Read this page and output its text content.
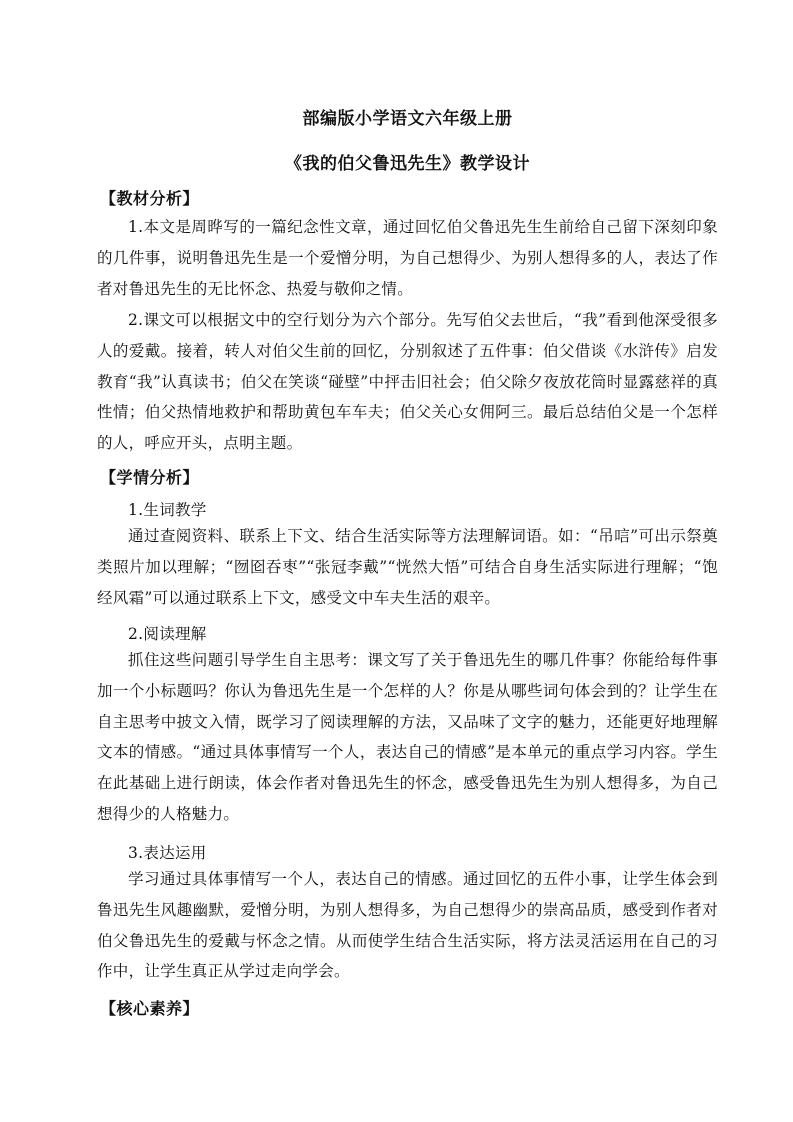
部编版小学语文六年级上册
《我的伯父鲁迅先生》教学设计
【教材分析】
1.本文是周晔写的一篇纪念性文章，通过回忆伯父鲁迅先生生前给自己留下深刻印象的几件事，说明鲁迅先生是一个爱憎分明，为自己想得少、为别人想得多的人，表达了作者对鲁迅先生的无比怀念、热爱与敬仰之情。
2.课文可以根据文中的空行划分为六个部分。先写伯父去世后，“我”看到他深受很多人的爱戴。接着，转人对伯父生前的回忆，分别叙述了五件事：伯父借谈《水浒传》启发教育“我”认真读书；伯父在笑谈“碰壁”中抨击旧社会；伯父除夕夜放花筒时显露慈祥的真性情；伯父热情地救护和帮助黄包车车夫；伯父关心女佣阿三。最后总结伯父是一个怎样的人，呼应开头，点明主题。
【学情分析】
1.生词教学
通过查阅资料、联系上下文、结合生活实际等方法理解词语。如：“吊唁”可出示祭奠类照片加以理解；“囫囵吞枣”“张冠李戴”“恍然大悟”可结合自身生活实际进行理解；“饱经风霜”可以通过联系上下文，感受文中车夫生活的艰辛。
2.阅读理解
抓住这些问题引导学生自主思考：课文写了关于鲁迅先生的哪几件事？你能给每件事加一个小标题吗？你认为鲁迅先生是一个怎样的人？你是从哪些词句体会到的？让学生在自主思考中披文入情，既学习了阅读理解的方法，又品味了文字的魅力，还能更好地理解文本的情感。“通过具体事情写一个人，表达自己的情感”是本单元的重点学习内容。学生在此基础上进行朗读，体会作者对鲁迅先生的怀念，感受鲁迅先生为别人想得多，为自己想得少的人格魅力。
3.表达运用
学习通过具体事情写一个人，表达自己的情感。通过回忆的五件小事，让学生体会到鲁迅先生风趣幽默，爱憎分明，为别人想得多，为自己想得少的崇高品质，感受到作者对伯父鲁迅先生的爱戴与怀念之情。从而使学生结合生活实际，将方法灵活运用在自己的习作中，让学生真正从学过走向学会。
【核心素养】
